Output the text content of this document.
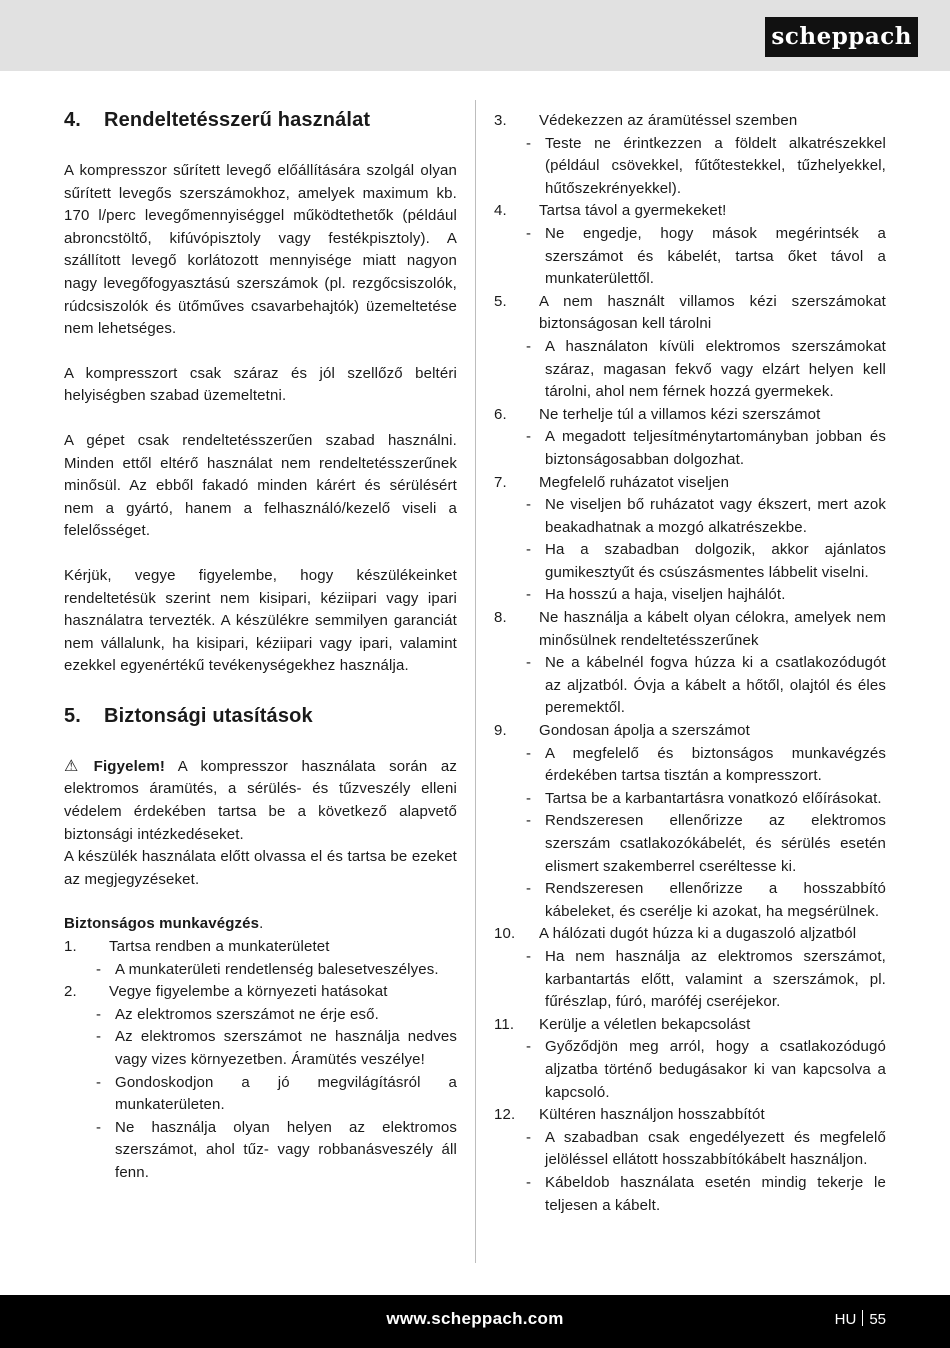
scheppach
4.	Rendeltetésszerű használat

A kompresszor sűrített levegő előállítására szolgál olyan sűrített levegős szerszámokhoz, amelyek maximum kb. 170 l/perc levegőmennyiséggel működtethetők (például abroncstöltő, kifúvópisztoly vagy festékpisztoly). A szállított levegő korlátozott mennyisége miatt nagyon nagy levegőfogyasztású szerszámok (pl. rezgőcsiszolók, rúdcsiszolók és ütőműves csavarbehajtók) üzemeltetése nem lehetséges.

A kompresszort csak száraz és jól szellőző beltéri helyiségben szabad üzemeltetni.

A gépet csak rendeltetésszerűen szabad használni. Minden ettől eltérő használat nem rendeltetésszerűnek minősül. Az ebből fakadó minden kárért és sérülésért nem a gyártó, hanem a felhasználó/kezelő viseli a felelősséget.

Kérjük, vegye figyelembe, hogy készülékeinket rendeltetésük szerint nem kisipari, kéziipari vagy ipari használatra tervezték. A készülékre semmilyen garanciát nem vállalunk, ha kisipari, kéziipari vagy ipari, valamint ezekkel egyenértékű tevékenységekhez használja.

5.	Biztonsági utasítások

⚠ Figyelem! A kompresszor használata során az elektromos áramütés, a sérülés- és tűzveszély elleni védelem érdekében tartsa be a következő alapvető biztonsági intézkedéseket.

A készülék használata előtt olvassa el és tartsa be ezeket az megjegyzéseket.

Biztonságos munkavégzés.

1.	Tartsa rendben a munkaterületet
- A munkaterületi rendetlenség balesetveszélyes.
2.	Vegye figyelembe a környezeti hatásokat
- Az elektromos szerszámot ne érje eső.
- Az elektromos szerszámot ne használja nedves vagy vizes környezetben. Áramütés veszélye!
- Gondoskodjon a jó megvilágításról a munkaterületen.
- Ne használja olyan helyen az elektromos szerszámot, ahol tűz- vagy robbanásveszély áll fenn.
3.	Védekezzen az áramütéssel szemben
- Teste ne érintkezzen a földelt alkatrészekkel (például csövekkel, fűtőtestekkel, tűzhelyekkel, hűtőszekrényekkel).
4.	Tartsa távol a gyermekeket!
- Ne engedje, hogy mások megérintsék a szerszámot és kábelét, tartsa őket távol a munkaterülettől.
5.	A nem használt villamos kézi szerszámokat biztonságosan kell tárolni
- A használaton kívüli elektromos szerszámokat száraz, magasan fekvő vagy elzárt helyen kell tárolni, ahol nem férnek hozzá gyermekek.
6.	Ne terhelje túl a villamos kézi szerszámot
- A megadott teljesítménytartományban jobban és biztonságosabban dolgozhat.
7.	Megfelelő ruházatot viseljen
- Ne viseljen bő ruházatot vagy ékszert, mert azok beakadhatnak a mozgó alkatrészekbe.
- Ha a szabadban dolgozik, akkor ajánlatos gumikesztyűt és csúszásmentes lábbelit viselni.
- Ha hosszú a haja, viseljen hajhálót.
8.	Ne használja a kábelt olyan célokra, amelyek nem minősülnek rendeltetésszerűnek
- Ne a kábelnél fogva húzza ki a csatlakozódugót az aljzatból. Óvja a kábelt a hőtől, olajtól és éles peremektől.
9.	Gondosan ápolja a szerszámot
- A megfelelő és biztonságos munkavégzés érdekében tartsa tisztán a kompresszort.
- Tartsa be a karbantartásra vonatkozó előírásokat.
- Rendszeresen ellenőrizze az elektromos szerszám csatlakozókábelét, és sérülés esetén elismert szakemberrel cseréltesse ki.
- Rendszeresen ellenőrizze a hosszabbító kábeleket, és cserélje ki azokat, ha megsérülnek.
10.	A hálózati dugót húzza ki a dugaszoló aljzatból
- Ha nem használja az elektromos szerszámot, karbantartás előtt, valamint a szerszámok, pl. fűrészlap, fúró, maróféj cseréjekor.
11.	Kerülje a véletlen bekapcsolást
- Győződjön meg arról, hogy a csatlakozódugó aljzatba történő bedugásakor ki van kapcsolva a kapcsoló.
12.	Kültéren használjon hosszabbítót
- A szabadban csak engedélyezett és megfelelő jelöléssel ellátott hosszabbítókábelt használjon.
- Kábeldob használata esetén mindig tekerje le teljesen a kábelt.
www.scheppach.com	HU 55
